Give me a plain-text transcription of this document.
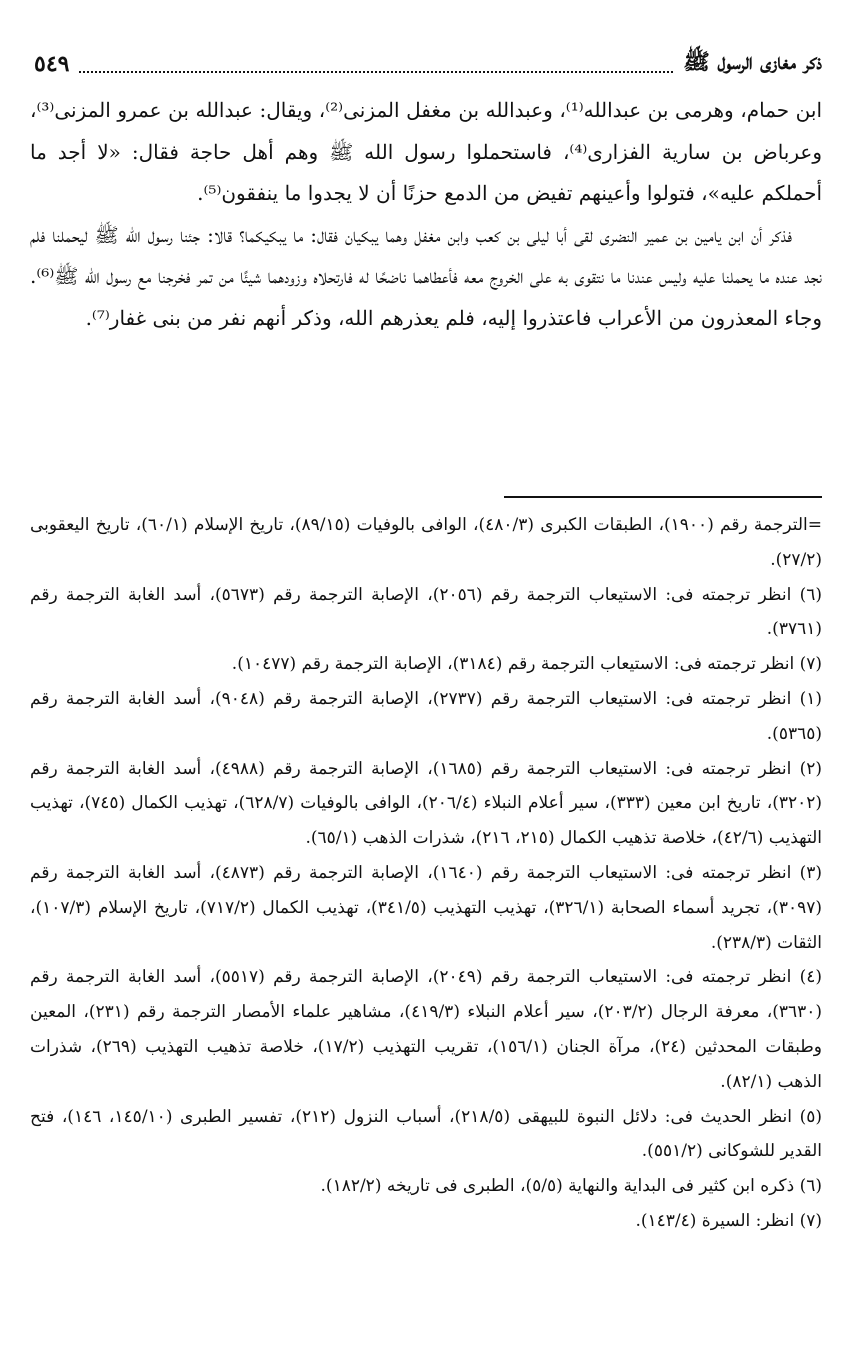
ذكر مغازى الرسول ﷺ
٥٤٩

ابن حمام، وهرمى بن عبدالله⁽¹⁾، وعبدالله بن مغفل المزنى⁽²⁾، ويقال: عبدالله بن عمرو المزنى⁽³⁾، وعرباض بن سارية الفزارى⁽⁴⁾، فاستحملوا رسول الله ﷺ وهم أهل حاجة فقال: «لا أجد ما أحملكم عليه»، فتولوا وأعينهم تفيض من الدمع حزنًا أن لا يجدوا ما ينفقون⁽⁵⁾.

فذكر أن ابن يامين بن عمير النضرى لقى أبا ليلى بن كعب وابن مغفل وهما يبكيان فقال: ما يبكيكما؟ قالا: جئنا رسول الله ﷺ ليحملنا فلم نجد عنده ما يحملنا عليه وليس عندنا ما نتقوى به على الخروج معه فأعطاهما ناضحًا له فارتحلاه وزودهما شيئًا من تمر فخرجنا مع رسول الله ﷺ⁽⁶⁾. وجاء المعذرون من الأعراب فاعتذروا إليه، فلم يعذرهم الله، وذكر أنهم نفر من بنى غفار⁽⁷⁾.

=الترجمة رقم (١٩٠٠)، الطبقات الكبرى (٤٨٠/٣)، الوافى بالوفيات (٨٩/١٥)، تاريخ الإسلام (٦٠/١)، تاريخ اليعقوبى (٢٧/٢).

(٦) انظر ترجمته فى: الاستيعاب الترجمة رقم (٢٠٥٦)، الإصابة الترجمة رقم (٥٦٧٣)، أسد الغابة الترجمة رقم (٣٧٦١).

(٧) انظر ترجمته فى: الاستيعاب الترجمة رقم (٣١٨٤)، الإصابة الترجمة رقم (١٠٤٧٧).

(١) انظر ترجمته فى: الاستيعاب الترجمة رقم (٢٧٣٧)، الإصابة الترجمة رقم (٩٠٤٨)، أسد الغابة الترجمة رقم (٥٣٦٥).

(٢) انظر ترجمته فى: الاستيعاب الترجمة رقم (١٦٨٥)، الإصابة الترجمة رقم (٤٩٨٨)، أسد الغابة الترجمة رقم (٣٢٠٢)، تاريخ ابن معين (٣٣٣)، سير أعلام النبلاء (٢٠٦/٤)، الوافى بالوفيات (٦٢٨/٧)، تهذيب الكمال (٧٤٥)، تهذيب التهذيب (٤٢/٦)، خلاصة تذهيب الكمال (٢١٥، ٢١٦)، شذرات الذهب (٦٥/١).

(٣) انظر ترجمته فى: الاستيعاب الترجمة رقم (١٦٤٠)، الإصابة الترجمة رقم (٤٨٧٣)، أسد الغابة الترجمة رقم (٣٠٩٧)، تجريد أسماء الصحابة (٣٢٦/١)، تهذيب التهذيب (٣٤١/٥)، تهذيب الكمال (٧١٧/٢)، تاريخ الإسلام (١٠٧/٣)، الثقات (٢٣٨/٣).

(٤) انظر ترجمته فى: الاستيعاب الترجمة رقم (٢٠٤٩)، الإصابة الترجمة رقم (٥٥١٧)، أسد الغابة الترجمة رقم (٣٦٣٠)، معرفة الرجال (٢٠٣/٢)، سير أعلام النبلاء (٤١٩/٣)، مشاهير علماء الأمصار الترجمة رقم (٢٣١)، المعين وطبقات المحدثين (٢٤)، مرآة الجنان (١٥٦/١)، تقريب التهذيب (١٧/٢)، خلاصة تذهيب التهذيب (٢٦٩)، شذرات الذهب (٨٢/١).

(٥) انظر الحديث فى: دلائل النبوة للبيهقى (٢١٨/٥)، أسباب النزول (٢١٢)، تفسير الطبرى (١٤٥/١٠، ١٤٦)، فتح القدير للشوكانى (٥٥١/٢).

(٦) ذكره ابن كثير فى البداية والنهاية (٥/٥)، الطبرى فى تاريخه (١٨٢/٢).

(٧) انظر: السيرة (١٤٣/٤).
